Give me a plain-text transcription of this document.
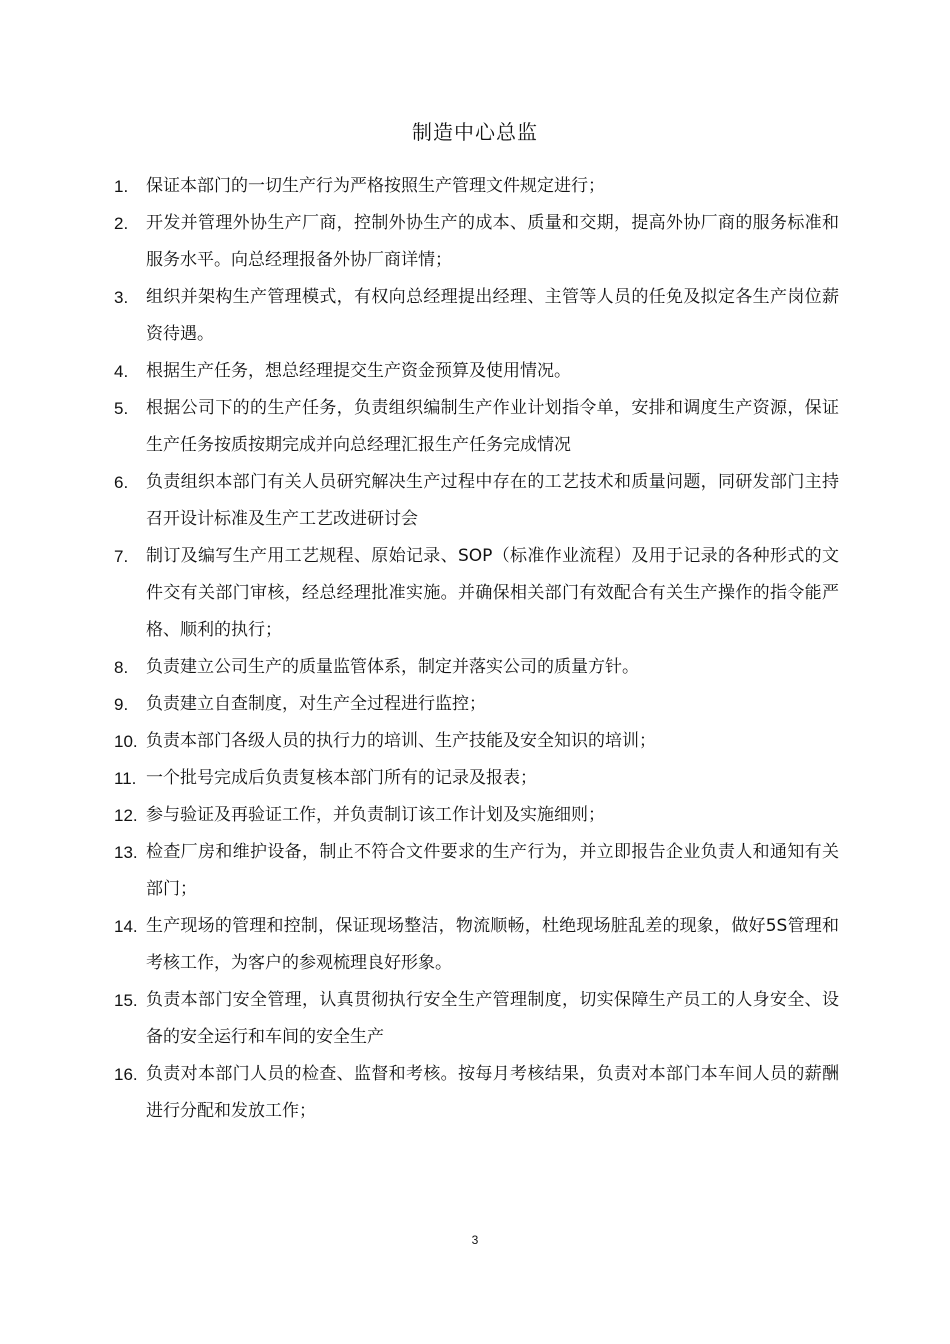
制造中心总监
1.	保证本部门的一切生产行为严格按照生产管理文件规定进行；
2.	开发并管理外协生产厂商，控制外协生产的成本、质量和交期，提高外协厂商的服务标准和服务水平。向总经理报备外协厂商详情；
3.	组织并架构生产管理模式，有权向总经理提出经理、主管等人员的任免及拟定各生产岗位薪资待遇。
4.	根据生产任务，想总经理提交生产资金预算及使用情况。
5.	根据公司下的的生产任务，负责组织编制生产作业计划指令单，安排和调度生产资源，保证生产任务按质按期完成并向总经理汇报生产任务完成情况
6.	负责组织本部门有关人员研究解决生产过程中存在的工艺技术和质量问题，同研发部门主持召开设计标准及生产工艺改进研讨会
7.	制订及编写生产用工艺规程、原始记录、SOP（标准作业流程）及用于记录的各种形式的文件交有关部门审核，经总经理批准实施。并确保相关部门有效配合有关生产操作的指令能严格、顺利的执行；
8.	负责建立公司生产的质量监管体系，制定并落实公司的质量方针。
9.	负责建立自查制度，对生产全过程进行监控；
10. 负责本部门各级人员的执行力的培训、生产技能及安全知识的培训；
11. 一个批号完成后负责复核本部门所有的记录及报表；
12. 参与验证及再验证工作，并负责制订该工作计划及实施细则；
13. 检查厂房和维护设备，制止不符合文件要求的生产行为，并立即报告企业负责人和通知有关部门；
14. 生产现场的管理和控制，保证现场整洁，物流顺畅，杜绝现场脏乱差的现象，做好5S管理和考核工作，为客户的参观梳理良好形象。
15. 负责本部门安全管理，认真贯彻执行安全生产管理制度，切实保障生产员工的人身安全、设备的安全运行和车间的安全生产
16. 负责对本部门人员的检查、监督和考核。按每月考核结果，负责对本部门本车间人员的薪酬进行分配和发放工作；
3
